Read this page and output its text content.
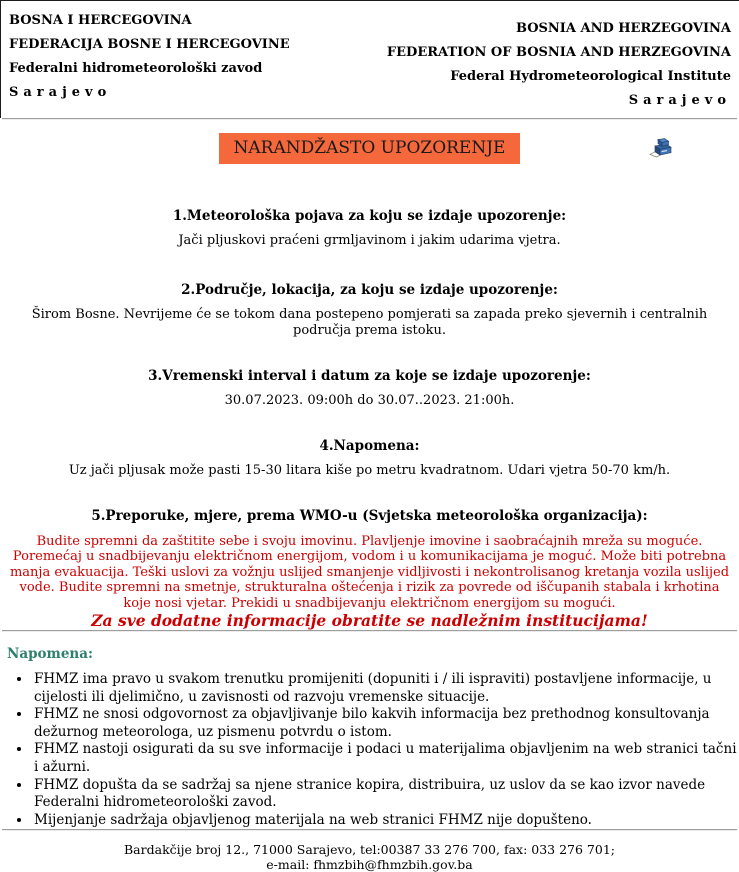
BOSNA I HERCEGOVINA

FEDERACIJA BOSNE I HERCEGOVINE

Federalni hidrometeorološki zavod

Sarajevo

BOSNIA AND HERZEGOVINA

FEDERATION OF BOSNIA AND HERZEGOVINA

Federal Hydrometeorological Institute

Sarajevo

NARANDŽASTO UPOZORENJE

1.Meteorološka pojava za koju se izdaje upozorenje:

Jači pljuskovi praćeni grmljavinom i jakim udarima vjetra.

2.Područje, lokacija, za koju se izdaje upozorenje:

Širom Bosne. Nevrijeme će se tokom dana postepeno pomjerati sa zapada preko sjevernih i centralnih područja prema istoku.

3.Vremenski interval i datum za koje se izdaje upozorenje:

30.07.2023. 09:00h do 30.07..2023. 21:00h.

4.Napomena:

Uz jači pljusak može pasti 15-30 litara kiše po metru kvadratnom. Udari vjetra 50-70 km/h.

5.Preporuke, mjere, prema WMO-u (Svjetska meteorološka organizacija):

Budite spremni da zaštitite sebe i svoju imovinu. Plavljenje imovine i saobraćajnih mreža su moguće. Poremećaj u snadbijevanju električnom energijom, vodom i u komunikacijama je moguć. Može biti potrebna manja evakuacija. Teški uslovi za vožnju uslijed smanjenje vidljivosti i nekontrolisanog kretanja vozila uslijed vode. Budite spremni na smetnje, strukturalna oštećenja i rizik za povrede od iščupanih stabala i krhotina koje nosi vjetar. Prekidi u snadbijevanju električnom energijom su mogući.

Za sve dodatne informacije obratite se nadležnim institucijama!

Napomena:

• FHMZ ima pravo u svakom trenutku promijeniti (dopuniti i / ili ispraviti) postavljene informacije, u cijelosti ili djelimično, u zavisnosti od razvoju vremenske situacije.
• FHMZ ne snosi odgovornost za objavljivanje bilo kakvih informacija bez prethodnog konsultovanja dežurnog meteorologa, uz pismenu potvrdu o istom.
• FHMZ nastoji osigurati da su sve informacije i podaci u materijalima objavljenim na web stranici tačni i ažurni.
• FHMZ dopušta da se sadržaj sa njene stranice kopira, distribuira, uz uslov da se kao izvor navede Federalni hidrometeorološki zavod.
• Mijenjanje sadržaja objavljenog materijala na web stranici FHMZ nije dopušteno.

Bardakčije broj 12., 71000 Sarajevo, tel:00387 33 276 700, fax: 033 276 701;

e-mail: fhmzbih@fhmzbih.gov.ba
